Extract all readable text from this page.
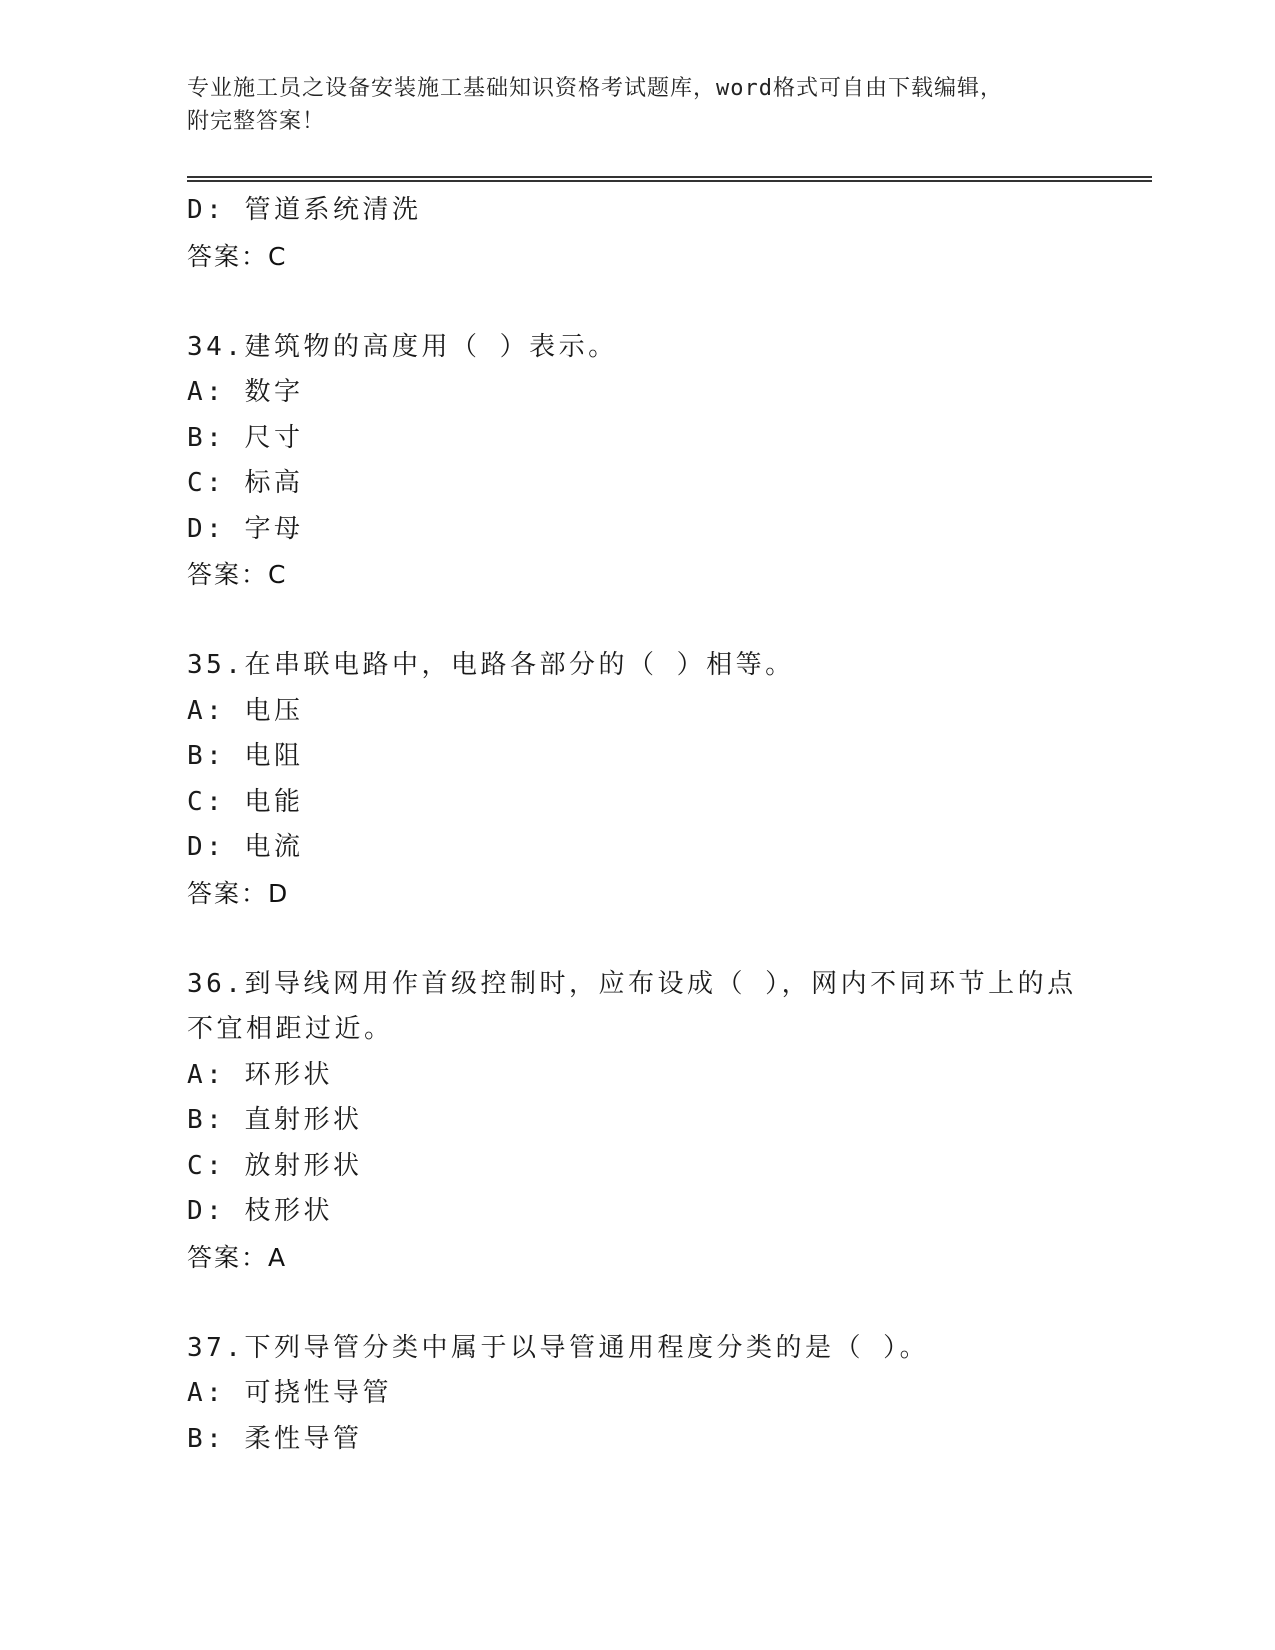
专业施工员之设备安装施工基础知识资格考试题库，word格式可自由下载编辑，
附完整答案！
D: 管道系统清洗
答案：C
34.建筑物的高度用（ ）表示。
A: 数字
B: 尺寸
C: 标高
D: 字母
答案：C
35.在串联电路中，电路各部分的（ ）相等。
A: 电压
B: 电阻
C: 电能
D: 电流
答案：D
36.到导线网用作首级控制时，应布设成（ ），网内不同环节上的点
不宜相距过近。
A: 环形状
B: 直射形状
C: 放射形状
D: 枝形状
答案：A
37.下列导管分类中属于以导管通用程度分类的是（ ）。
A: 可挠性导管
B: 柔性导管
